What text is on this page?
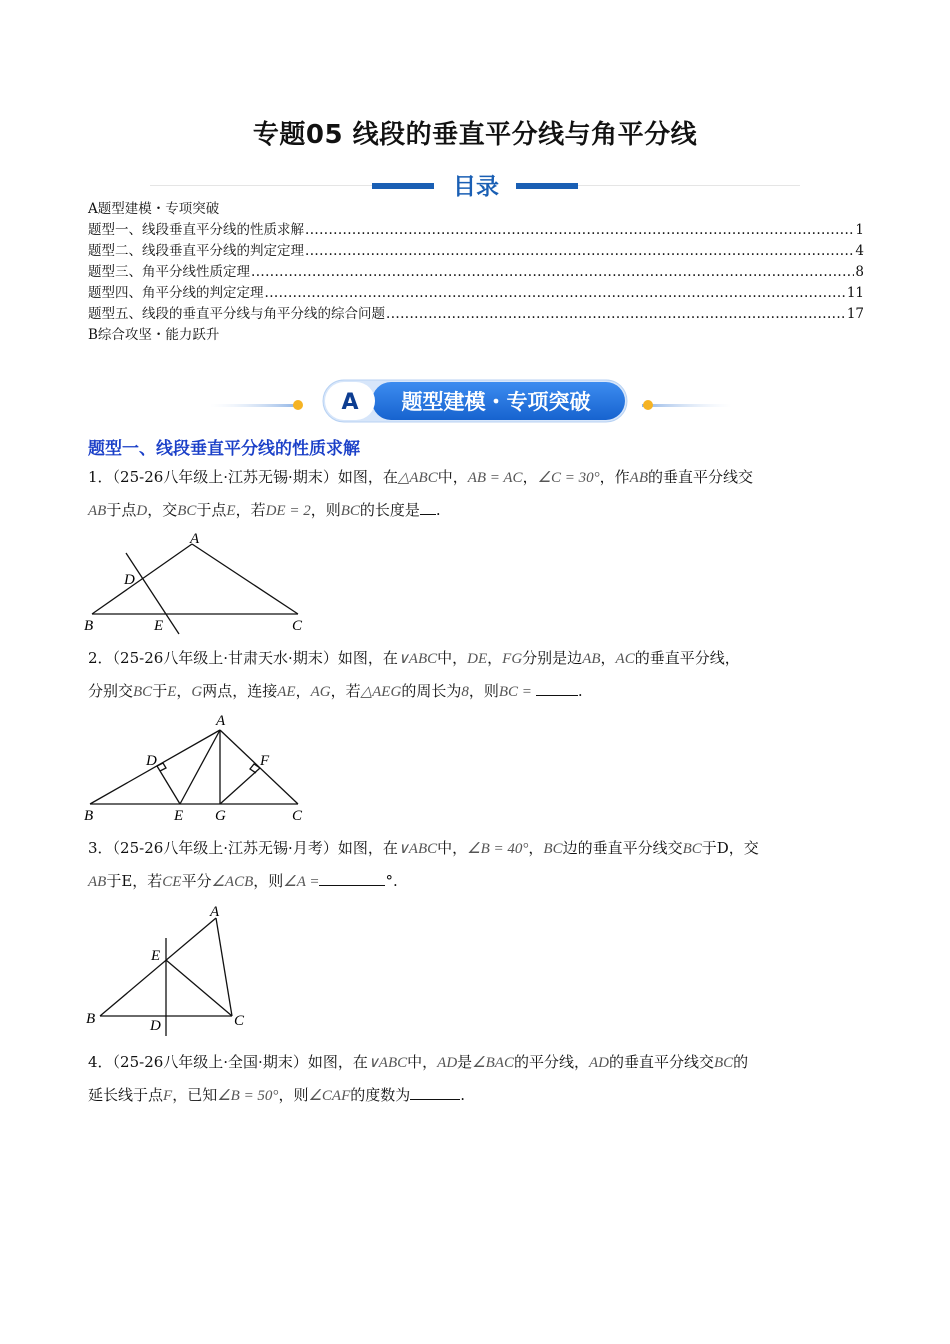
专题05 线段的垂直平分线与角平分线
目录
A题型建模・专项突破
题型一、线段垂直平分线的性质求解 .....	1
题型二、线段垂直平分线的判定定理 .....	4
题型三、角平分线性质定理 .....	8
题型四、角平分线的判定定理 .....	11
题型五、线段的垂直平分线与角平分线的综合问题 .....	17
B综合攻坚・能力跃升
A 题型建模・专项突破
题型一、线段垂直平分线的性质求解
1．（25-26八年级上·江苏无锡·期末）如图，在△ABC中，AB = AC，∠C = 30°，作AB的垂直平分线交
AB于点D，交BC于点E，若DE = 2，则BC的长度是 .
A
B	C
D
E
2．（25-26八年级上·甘肃天水·期末）如图，在∨ABC中，DE，FG分别是边AB，AC的垂直平分线，
分别交BC于E，G两点，连接AE，AG，若△AEG的周长为8，则BC =	.
A
B	C
D
E
F
G
3．（25-26八年级上·江苏无锡·月考）如图，在∨ABC中，∠B = 40°，BC边的垂直平分线交BC于D，交
AB于E，若CE平分∠ACB，则∠A =	°.
A
B	C
D
E
4．（25-26八年级上·全国·期末）如图，在∨ABC中，AD是∠BAC的平分线，AD的垂直平分线交BC的
延长线于点F，已知∠B = 50°，则∠CAF的度数为	.
